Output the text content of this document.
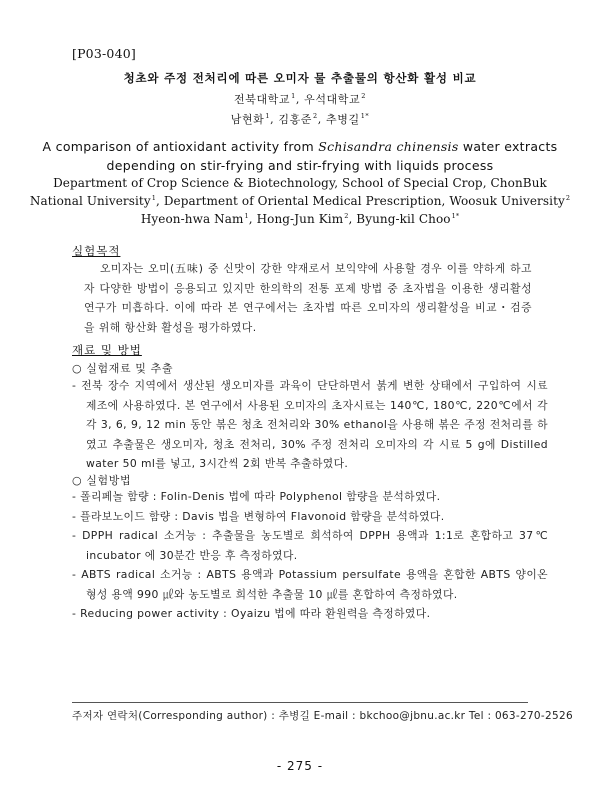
[P03-040]
청초와 주정 전처리에 따른 오미자 물 추출물의 항산화 활성 비교
전북대학교$^1$, 우석대학교$^2$
남현화$^1$, 김홍준$^2$, 추병길$^{1*}$
A comparison of antioxidant activity from Schisandra chinensis water extracts
depending on stir-frying and stir-frying with liquids process
Department of Crop Science & Biotechnology, School of Special Crop, ChonBuk
National University$^1$, Department of Oriental Medical Prescription, Woosuk University$^2$
Hyeon-hwa Nam$^1$, Hong-Jun Kim$^2$, Byung-kil Choo$^{1*}$
실험목적
오미자는 오미(五味) 중 신맛이 강한 약재로서 보익약에 사용할 경우 이를 약하게 하고자 다양한 방법이 응용되고 있지만 한의학의 전통 포제 방법 중 초자법을 이용한 생리활성 연구가 미흡하다. 이에 따라 본 연구에서는 초자법 따른 오미자의 생리활성을 비교・검증을 위해 항산화 활성을 평가하였다.
재료 및 방법
○ 실험재료 및 추출
- 전북 장수 지역에서 생산된 생오미자를 과육이 단단하면서 붉게 변한 상태에서 구입하여 시료 제조에 사용하였다. 본 연구에서 사용된 오미자의 초자시료는 140℃, 180℃, 220℃에서 각각 3, 6, 9, 12 min 동안 볶은 청초 전처리와 30% ethanol을 사용해 볶은 주정 전처리를 하였고 추출물은 생오미자, 청초 전처리, 30% 주정 전처리 오미자의 각 시료 5 g에 Distilled water 50 ml를 넣고, 3시간씩 2회 반복 추출하였다.
○ 실험방법
- 폴리페놀 함량 : Folin-Denis 법에 따라 Polyphenol 함량을 분석하였다.
- 플라보노이드 함량 : Davis 법을 변형하여 Flavonoid 함량을 분석하였다.
- DPPH radical 소거능 : 추출물을 농도별로 희석하여 DPPH 용액과 1:1로 혼합하고 37℃ incubator 에 30분간 반응 후 측정하였다.
- ABTS radical 소거능 : ABTS 용액과 Potassium persulfate 용액을 혼합한 ABTS 양이온 형성 용액 990 ㎕와 농도별로 희석한 추출물 10 ㎕를 혼합하여 측정하였다.
- Reducing power activity : Oyaizu 법에 따라 환원력을 측정하였다.
주저자 연락처(Corresponding author) : 추병길 E-mail : bkchoo@jbnu.ac.kr Tel : 063-270-2526
- 275 -
